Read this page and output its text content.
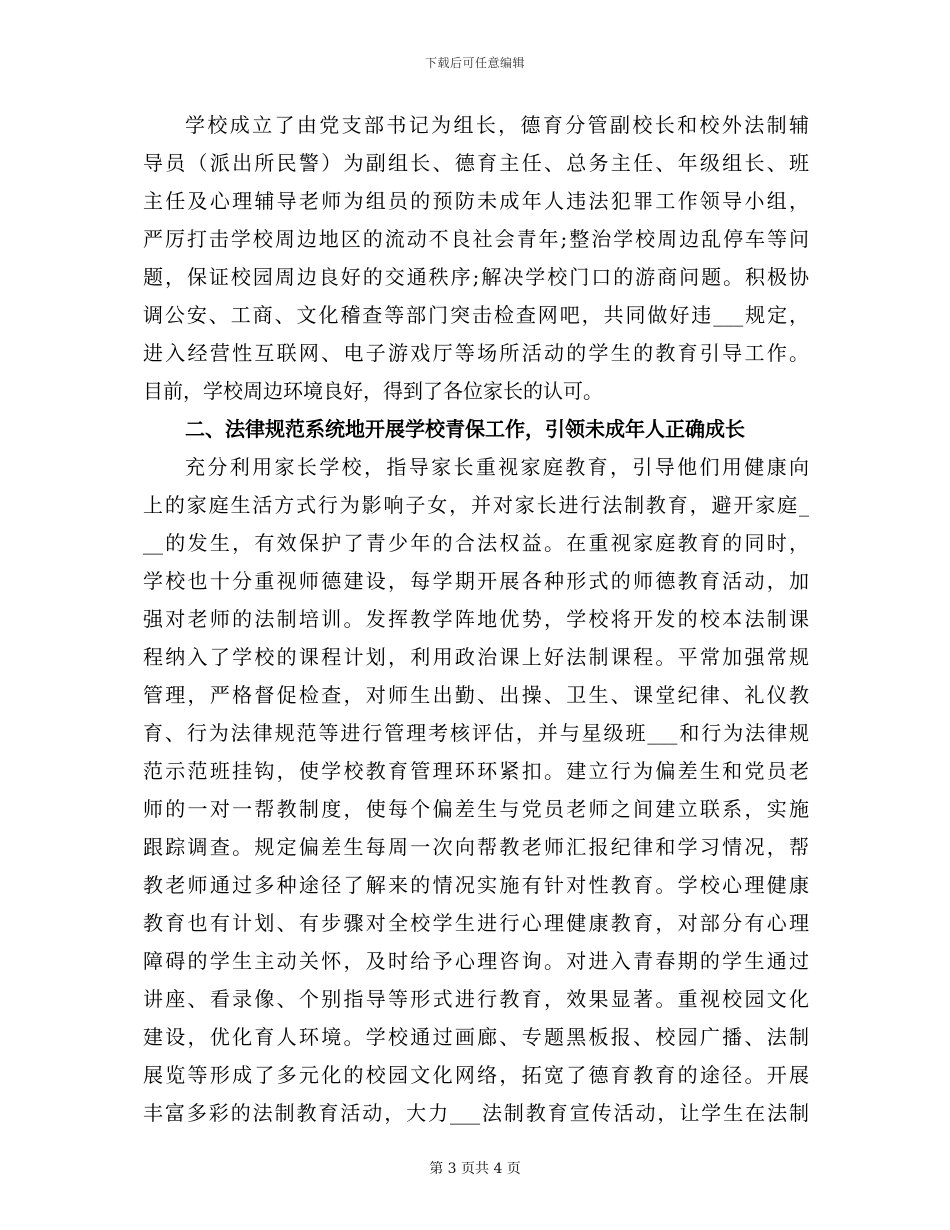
下载后可任意编辑
学校成立了由党支部书记为组长，德育分管副校长和校外法制辅
导员（派出所民警）为副组长、德育主任、总务主任、年级组长、班
主任及心理辅导老师为组员的预防未成年人违法犯罪工作领导小组，
严厉打击学校周边地区的流动不良社会青年;整治学校周边乱停车等问
题，保证校园周边良好的交通秩序;解决学校门口的游商问题。积极协
调公安、工商、文化稽查等部门突击检查网吧，共同做好违___规定，
进入经营性互联网、电子游戏厅等场所活动的学生的教育引导工作。
目前，学校周边环境良好，得到了各位家长的认可。
二、法律规范系统地开展学校青保工作，引领未成年人正确成长
充分利用家长学校，指导家长重视家庭教育，引导他们用健康向
上的家庭生活方式行为影响子女，并对家长进行法制教育，避开家庭_
__的发生，有效保护了青少年的合法权益。在重视家庭教育的同时，
学校也十分重视师德建设，每学期开展各种形式的师德教育活动，加
强对老师的法制培训。发挥教学阵地优势，学校将开发的校本法制课
程纳入了学校的课程计划，利用政治课上好法制课程。平常加强常规
管理，严格督促检查，对师生出勤、出操、卫生、课堂纪律、礼仪教
育、行为法律规范等进行管理考核评估，并与星级班___和行为法律规
范示范班挂钩，使学校教育管理环环紧扣。建立行为偏差生和党员老
师的一对一帮教制度，使每个偏差生与党员老师之间建立联系，实施
跟踪调查。规定偏差生每周一次向帮教老师汇报纪律和学习情况，帮
教老师通过多种途径了解来的情况实施有针对性教育。学校心理健康
教育也有计划、有步骤对全校学生进行心理健康教育，对部分有心理
障碍的学生主动关怀，及时给予心理咨询。对进入青春期的学生通过
讲座、看录像、个别指导等形式进行教育，效果显著。重视校园文化
建设，优化育人环境。学校通过画廊、专题黑板报、校园广播、法制
展览等形成了多元化的校园文化网络，拓宽了德育教育的途径。开展
丰富多彩的法制教育活动，大力___法制教育宣传活动，让学生在法制
第 3 页共 4 页
